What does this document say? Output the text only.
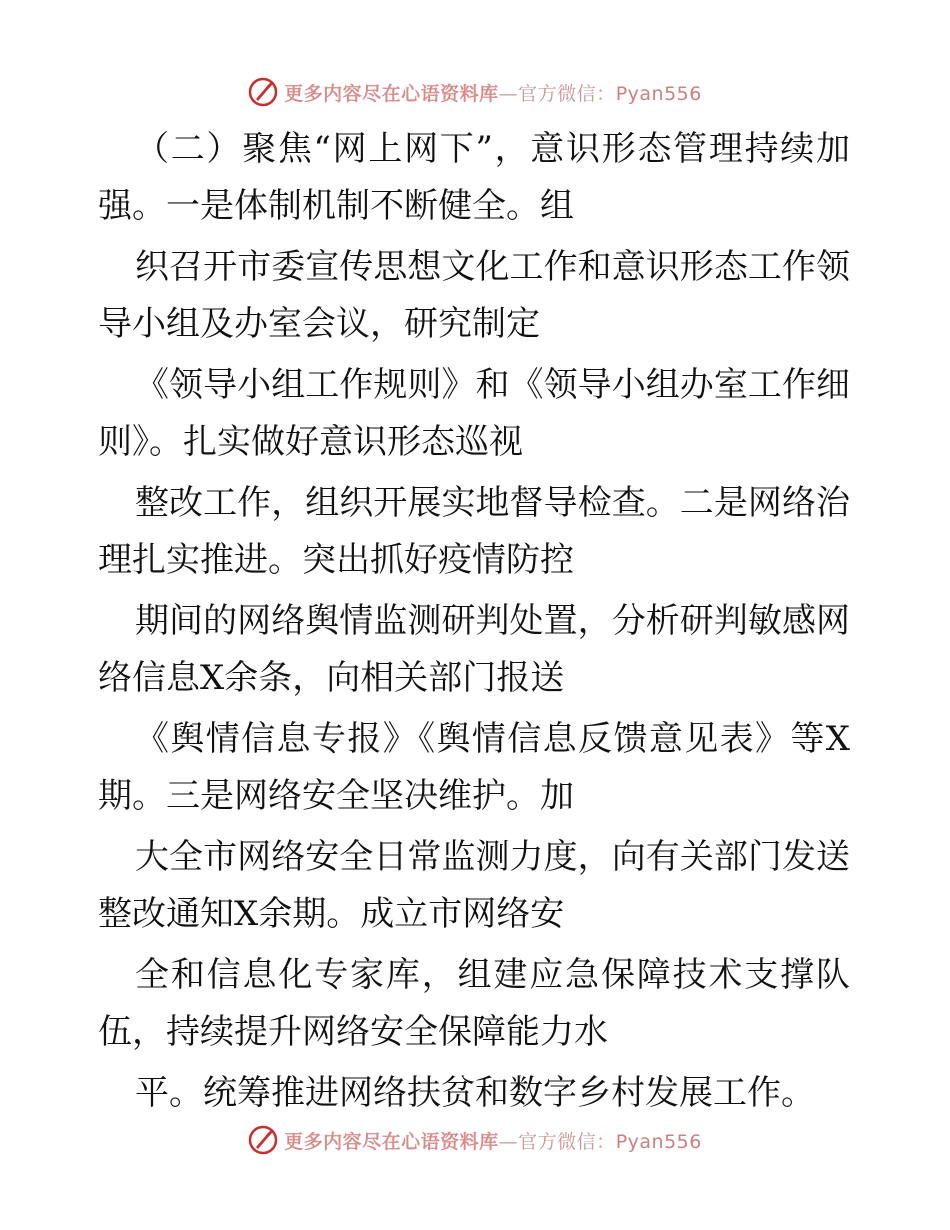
更多内容尽在心语资料库—官方微信：Pyan556
（二）聚焦“网上网下”，意识形态管理持续加
强。一是体制机制不断健全。组
织召开市委宣传思想文化工作和意识形态工作领
导小组及办室会议，研究制定
《领导小组工作规则》和《领导小组办室工作细
则》。扎实做好意识形态巡视
整改工作，组织开展实地督导检查。二是网络治
理扎实推进。突出抓好疫情防控
期间的网络舆情监测研判处置，分析研判敏感网
络信息X余条，向相关部门报送
《舆情信息专报》《舆情信息反馈意见表》等X
期。三是网络安全坚决维护。加
大全市网络安全日常监测力度，向有关部门发送
整改通知X余期。成立市网络安
全和信息化专家库，组建应急保障技术支撑队
伍，持续提升网络安全保障能力水
平。统筹推进网络扶贫和数字乡村发展工作。
更多内容尽在心语资料库—官方微信：Pyan556
